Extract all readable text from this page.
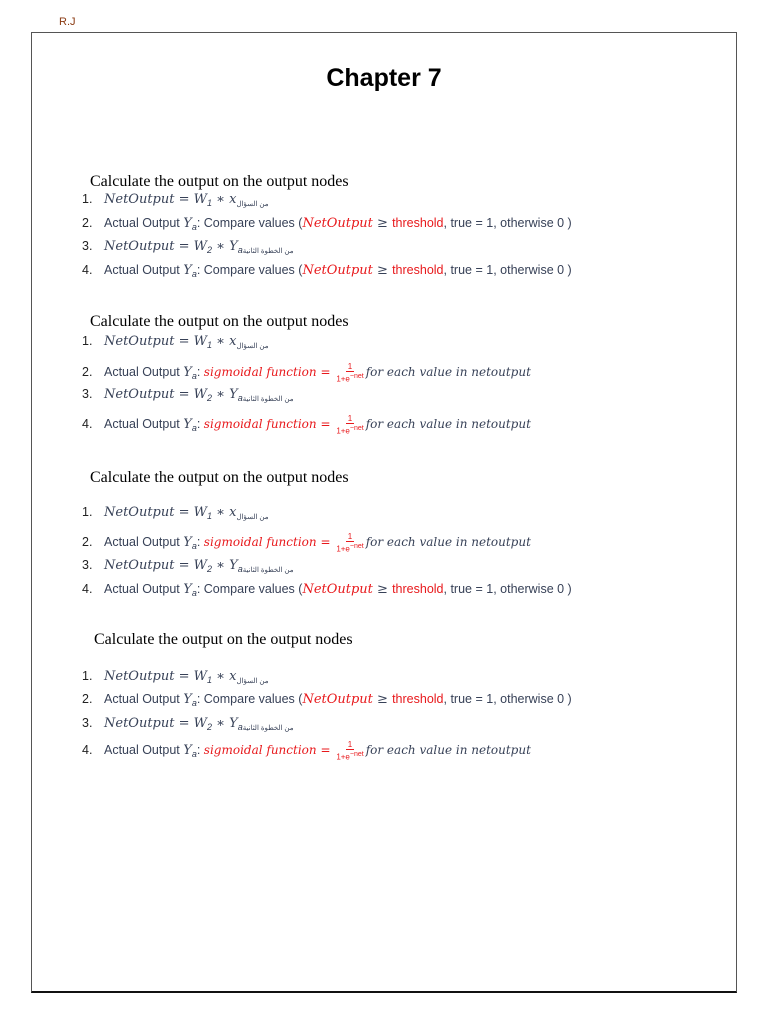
R.J
Chapter 7
Calculate the output on the output nodes
1. NetOutput = $W_1$ ∗ $x_{من السؤال}$
2. Actual Output $Y_a$: Compare values (NetOutput ≥ threshold, true = 1, otherwise 0 )
3. NetOutput = $W_2$ ∗ $Y_{aمن الخطوة الثانية}$
4. Actual Output $Y_a$: Compare values (NetOutput ≥ threshold, true = 1, otherwise 0 )
Calculate the output on the output nodes
1. NetOutput = $W_1$ ∗ $x_{من السؤال}$
2. Actual Output $Y_a$: sigmoidal function = $\frac{1}{1+e^{-net}}$ for each value in netoutput
3. NetOutput = $W_2$ ∗ $Y_{aمن الخطوة الثانية}$
4. Actual Output $Y_a$: sigmoidal function = $\frac{1}{1+e^{-net}}$ for each value in netoutput
Calculate the output on the output nodes
1. NetOutput = $W_1$ ∗ $x_{من السؤال}$
2. Actual Output $Y_a$: sigmoidal function = $\frac{1}{1+e^{-net}}$ for each value in netoutput
3. NetOutput = $W_2$ ∗ $Y_{aمن الخطوة الثانية}$
4. Actual Output $Y_a$: Compare values (NetOutput ≥ threshold, true = 1, otherwise 0 )
Calculate the output on the output nodes
1. NetOutput = $W_1$ ∗ $x_{من السؤال}$
2. Actual Output $Y_a$: Compare values (NetOutput ≥ threshold, true = 1, otherwise 0 )
3. NetOutput = $W_2$ ∗ $Y_{aمن الخطوة الثانية}$
4. Actual Output $Y_a$: sigmoidal function = $\frac{1}{1+e^{-net}}$ for each value in netoutput
